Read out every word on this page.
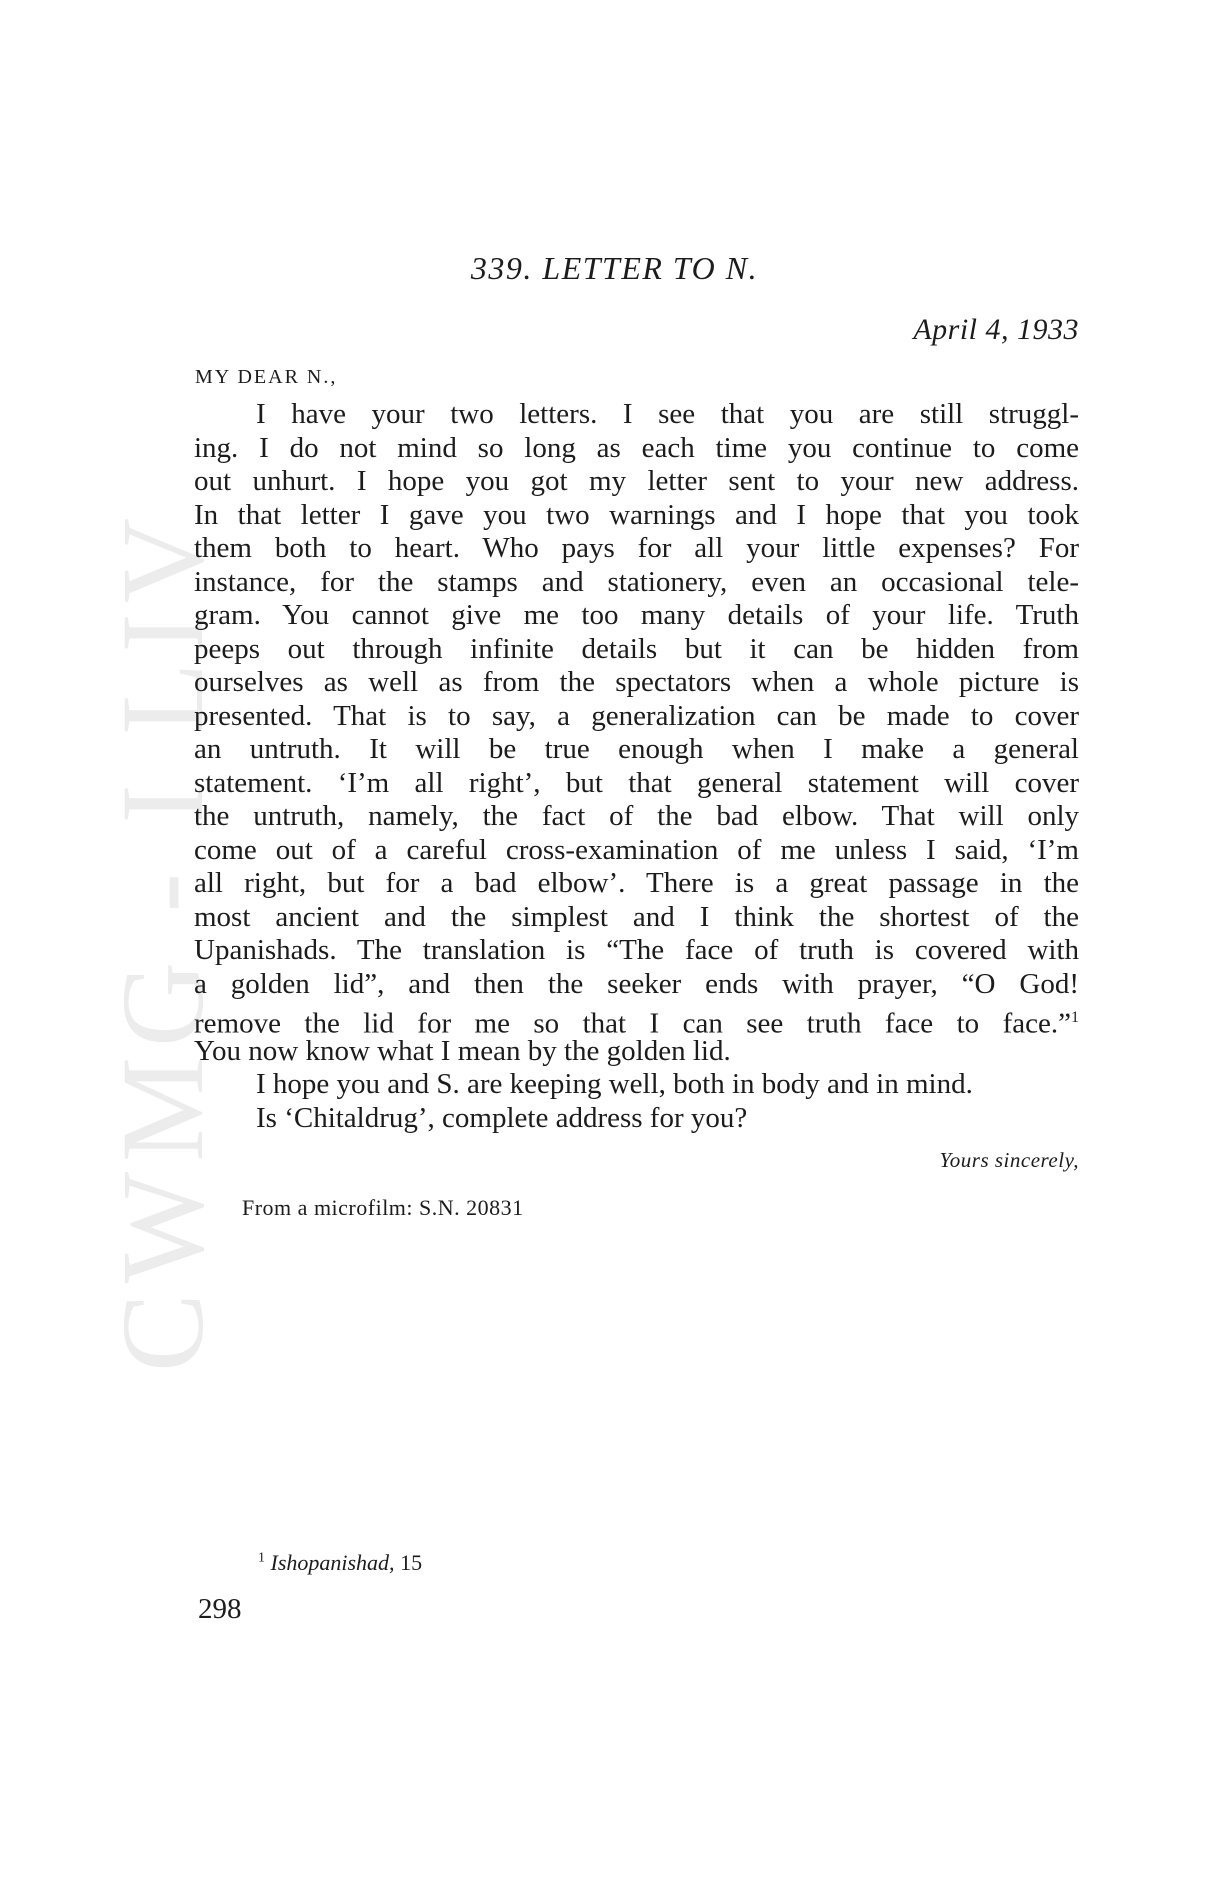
CWMG - I LIV
339. LETTER TO N.
April 4, 1933
MY DEAR N.,
I have your two letters. I see that you are still struggl-
ing. I do not mind so long as each time you continue to come
out unhurt. I hope you got my letter sent to your new address.
In that letter I gave you two warnings and I hope that you took
them both to heart. Who pays for all your little expenses? For
instance, for the stamps and stationery, even an occasional tele-
gram. You cannot give me too many details of your life. Truth
peeps out through infinite details but it can be hidden from
ourselves as well as from the spectators when a whole picture is
presented. That is to say, a generalization can be made to cover
an untruth. It will be true enough when I make a general
statement. ‘I’m all right’, but that general statement will cover
the untruth, namely, the fact of the bad elbow. That will only
come out of a careful cross-examination of me unless I said, ‘I’m
all right, but for a bad elbow’. There is a great passage in the
most ancient and the simplest and I think the shortest of the
Upanishads. The translation is “The face of truth is covered with
a golden lid”, and then the seeker ends with prayer, “O God!
remove the lid for me so that I can see truth face to face.”$^1$
You now know what I mean by the golden lid.
I hope you and S. are keeping well, both in body and in mind.
Is ‘Chitaldrug’, complete address for you?
Yours sincerely,
From a microfilm: S.N. 20831
$^1$ Ishopanishad, 15
298
